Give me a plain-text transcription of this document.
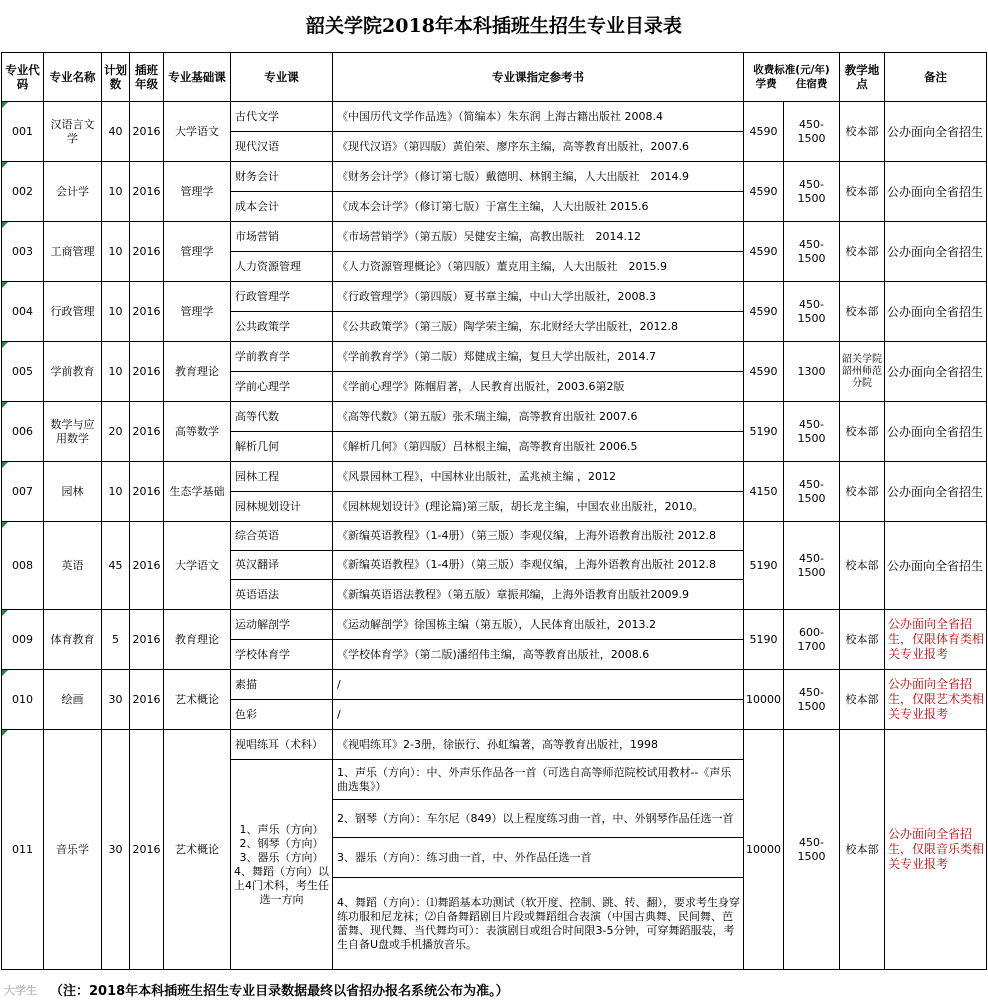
韶关学院2018年本科插班生招生专业目录表
专业代码	专业名称	计划数	插班年级	专业基础课	专业课	专业课指定参考书	收费标准(元/年)
学费 住宿费		教学地点	备注
001	汉语言文学	40	2016	大学语文	古代文学	《中国历代文学作品选》（简编本）朱东润 上海古籍出版社 2008.4	4590	450-1500	校本部	公办面向全省招生
					现代汉语	《现代汉语》（第四版）黄伯荣、廖序东主编，高等教育出版社，2007.6				
002	会计学	10	2016	管理学	财务会计	《财务会计学》（修订第七版）戴德明、林钢主编，人大出版社　2014.9	4590	450-1500	校本部	公办面向全省招生
					成本会计	《成本会计学》（修订第七版）于富生主编，人大出版社 2015.6				
003	工商管理	10	2016	管理学	市场营销	《市场营销学》（第五版）吴健安主编，高教出版社　2014.12	4590	450-1500	校本部	公办面向全省招生
					人力资源管理	《人力资源管理概论》（第四版）董克用主编，人大出版社　2015.9				
004	行政管理	10	2016	管理学	行政管理学	《行政管理学》（第四版）夏书章主编，中山大学出版社，2008.3	4590	450-1500	校本部	公办面向全省招生
					公共政策学	《公共政策学》（第三版）陶学荣主编，东北财经大学出版社，2012.8				
005	学前教育	10	2016	教育理论	学前教育学	《学前教育学》（第二版）郑健成主编，复旦大学出版社，2014.7	4590	1300	韶关学院韶州师范分院	公办面向全省招生
					学前心理学	《学前心理学》陈帼眉著，人民教育出版社，2003.6第2版				
006	数学与应用数学	20	2016	高等数学	高等代数	《高等代数》（第五版）张禾瑞主编，高等教育出版社 2007.6	5190	450-1500	校本部	公办面向全省招生
					解析几何	《解析几何》（第四版）吕林根主编，高等教育出版社 2006.5				
007	园林	10	2016	生态学基础	园林工程	《风景园林工程》，中国林业出版社，孟兆祯主编 ，2012	4150	450-1500	校本部	公办面向全省招生
					园林规划设计	《园林规划设计》(理论篇)第三版，胡长龙主编，中国农业出版社，2010。				
008	英语	45	2016	大学语文	综合英语	《新编英语教程》（1-4册）（第三版）李观仪编，上海外语教育出版社 2012.8	5190	450-1500	校本部	公办面向全省招生
					英汉翻译	《新编英语教程》（1-4册）（第三版）李观仪编，上海外语教育出版社 2012.8				
					英语语法	《新编英语语法教程》（第五版）章振邦编，上海外语教育出版社2009.9				
009	体育教育	5	2016	教育理论	运动解剖学	《运动解剖学》徐国栋主编（第五版），人民体育出版社，2013.2	5190	600-1700	校本部	公办面向全省招生，仅限体育类相关专业报考
					学校体育学	《学校体育学》（第二版)潘绍伟主编，高等教育出版社，2008.6				
010	绘画	30	2016	艺术概论	素描	/	10000	450-1500	校本部	公办面向全省招生，仅限艺术类相关专业报考
					色彩	/				
011	音乐学	30	2016	艺术概论	视唱练耳（术科）	《视唱练耳》2-3册，徐嵌行、孙虹编著，高等教育出版社，1998	10000	450-1500	校本部	公办面向全省招生，仅限音乐类相关专业报考
					1、声乐（方向）2、钢琴（方向）3、器乐（方向）4、舞蹈（方向）以上4门术科，考生任选一方向	1、声乐（方向）：中、外声乐作品各一首（可选自高等师范院校试用教材--《声乐曲选集》）				
						2、钢琴（方向）：车尔尼（849）以上程度练习曲一首，中、外钢琴作品任选一首				
						3、器乐（方向）：练习曲一首，中、外作品任选一首				
						4、舞蹈（方向）：⑴舞蹈基本功测试（软开度、控制、跳、转、翻），要求考生身穿练功服和尼龙袜；⑵自备舞蹈剧目片段或舞蹈组合表演（中国古典舞、民间舞、芭蕾舞、现代舞、当代舞均可）：表演剧目或组合时间限3-5分钟，可穿舞蹈服装，考生自备U盘或手机播放音乐。				
大学生	（注：2018年本科插班生招生专业目录数据最终以省招办报名系统公布为准。）
